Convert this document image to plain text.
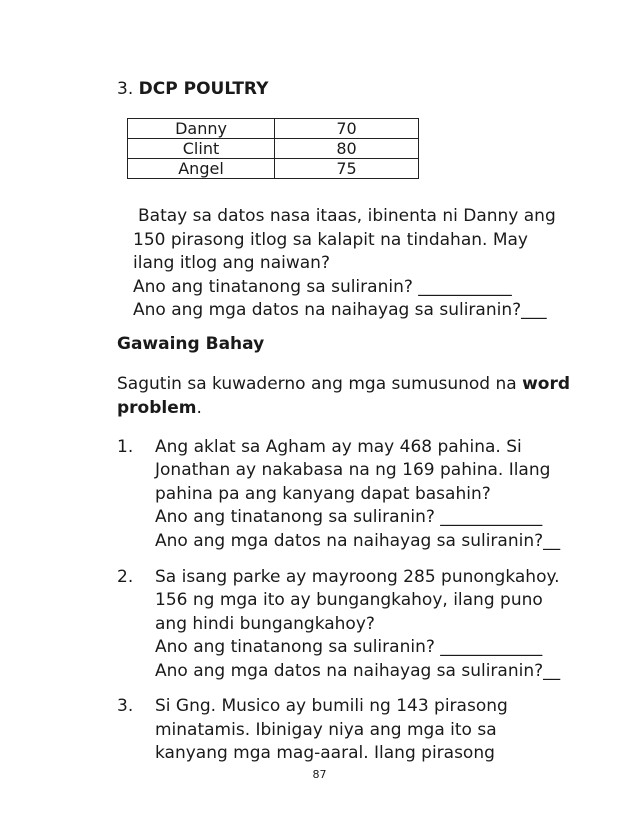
3. DCP POULTRY
Danny	70
Clint	80
Angel	75
Batay sa datos nasa itaas, ibinenta ni Danny ang
150 pirasong itlog sa kalapit na tindahan. May
ilang itlog ang naiwan?
Ano ang tinatanong sa suliranin? ___________
Ano ang mga datos na naihayag sa suliranin?___
Gawaing Bahay
Sagutin sa kuwaderno ang mga sumusunod na word
problem.
1. Ang aklat sa Agham ay may 468 pahina. Si
Jonathan ay nakabasa na ng 169 pahina. Ilang
pahina pa ang kanyang dapat basahin?
Ano ang tinatanong sa suliranin? ____________
Ano ang mga datos na naihayag sa suliranin?__
2. Sa isang parke ay mayroong 285 punongkahoy.
156 ng mga ito ay bungangkahoy, ilang puno
ang hindi bungangkahoy?
Ano ang tinatanong sa suliranin? ____________
Ano ang mga datos na naihayag sa suliranin?__
3. Si Gng. Musico ay bumili ng 143 pirasong
minatamis. Ibinigay niya ang mga ito sa
kanyang mga mag-aaral. Ilang pirasong
87
